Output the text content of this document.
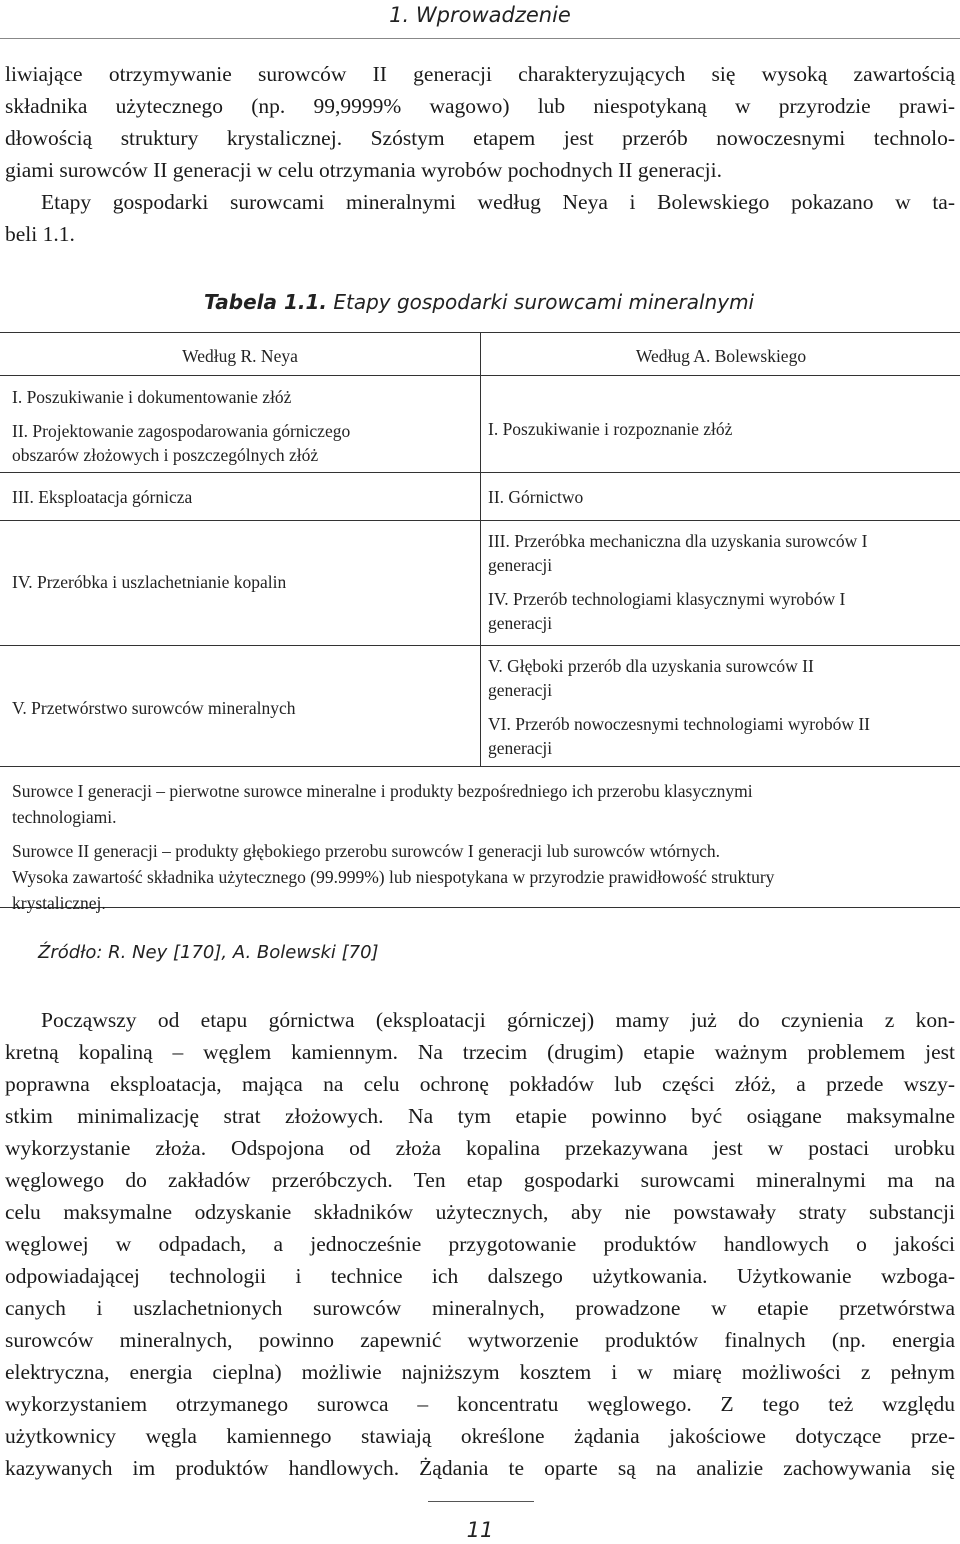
1. Wprowadzenie
liwiające otrzymywanie surowców II generacji charakteryzujących się wysoką zawartością
składnika użytecznego (np. 99,9999% wagowo) lub niespotykaną w przyrodzie prawi-
dłowością struktury krystalicznej. Szóstym etapem jest przerób nowoczesnymi technolo-
giami surowców II generacji w celu otrzymania wyrobów pochodnych II generacji.
Etapy gospodarki surowcami mineralnymi według Neya i Bolewskiego pokazano w ta-
beli 1.1.
Tabela 1.1. Etapy gospodarki surowcami mineralnymi
Według R. Neya	Według A. Bolewskiego
I. Poszukiwanie i dokumentowanie złóż
II. Projektowanie zagospodarowania górniczego
obszarów złożowych i poszczególnych złóż
I. Poszukiwanie i rozpoznanie złóż
III. Eksploatacja górnicza	II. Górnictwo
IV. Przeróbka i uszlachetnianie kopalin
III. Przeróbka mechaniczna dla uzyskania surowców I
generacji
IV. Przerób technologiami klasycznymi wyrobów I
generacji
V. Przetwórstwo surowców mineralnych
V. Głęboki przerób dla uzyskania surowców II
generacji
VI. Przerób nowoczesnymi technologiami wyrobów II
generacji
Surowce I generacji – pierwotne surowce mineralne i produkty bezpośredniego ich przerobu klasycznymi
technologiami.
Surowce II generacji – produkty głębokiego przerobu surowców I generacji lub surowców wtórnych.
Wysoka zawartość składnika użytecznego (99.999%) lub niespotykana w przyrodzie prawidłowość struktury
krystalicznej.
Źródło: R. Ney [170], A. Bolewski [70]
Począwszy od etapu górnictwa (eksploatacji górniczej) mamy już do czynienia z kon-
kretną kopaliną – węglem kamiennym. Na trzecim (drugim) etapie ważnym problemem jest
poprawna eksploatacja, mająca na celu ochronę pokładów lub części złóż, a przede wszy-
stkim minimalizację strat złożowych. Na tym etapie powinno być osiągane maksymalne
wykorzystanie złoża. Odspojona od złoża kopalina przekazywana jest w postaci urobku
węglowego do zakładów przeróbczych. Ten etap gospodarki surowcami mineralnymi ma na
celu maksymalne odzyskanie składników użytecznych, aby nie powstawały straty substancji
węglowej w odpadach, a jednocześnie przygotowanie produktów handlowych o jakości
odpowiadającej technologii i technice ich dalszego użytkowania. Użytkowanie wzboga-
canych i uszlachetnionych surowców mineralnych, prowadzone w etapie przetwórstwa
surowców mineralnych, powinno zapewnić wytworzenie produktów finalnych (np. energia
elektryczna, energia cieplna) możliwie najniższym kosztem i w miarę możliwości z pełnym
wykorzystaniem otrzymanego surowca – koncentratu węglowego. Z tego też względu
użytkownicy węgla kamiennego stawiają określone żądania jakościowe dotyczące prze-
kazywanych im produktów handlowych. Żądania te oparte są na analizie zachowywania się
11
